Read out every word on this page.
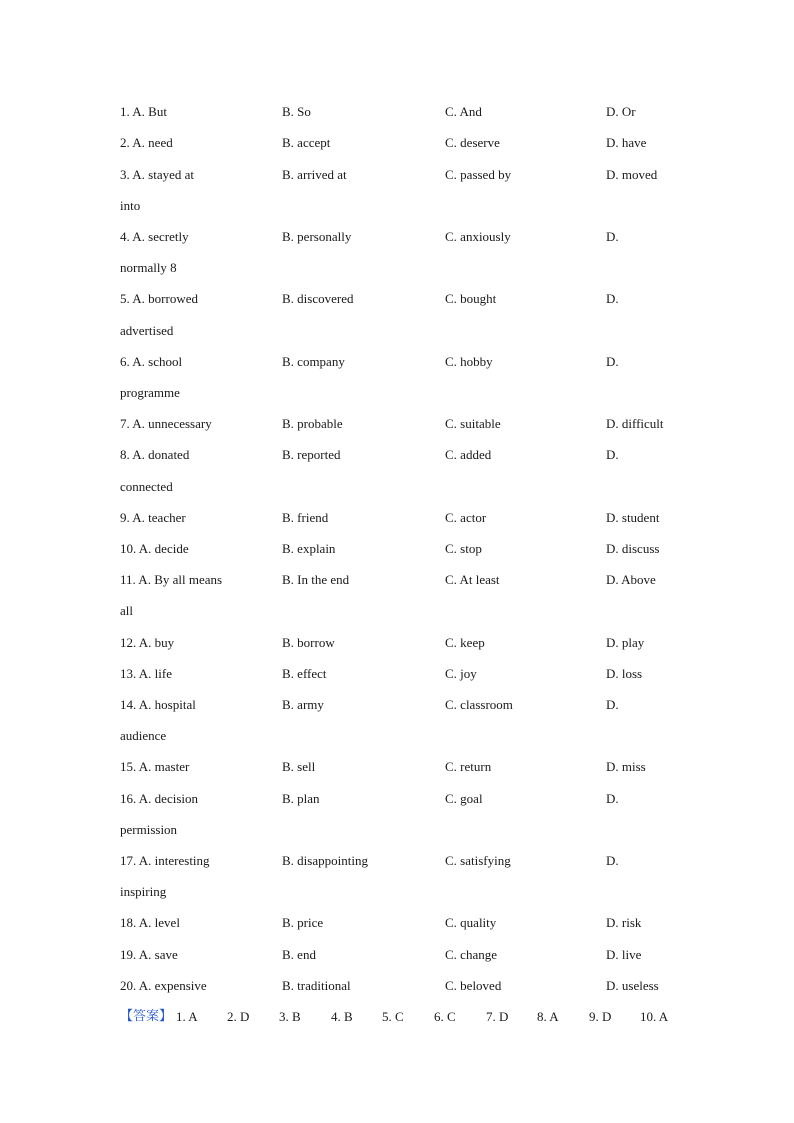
1. A. But	B. So	C. And	D. Or
2. A. need	B. accept	C. deserve	D. have
3. A. stayed at	B. arrived at	C. passed by	D. moved
into
4. A. secretly	B. personally	C. anxiously	D.
normally 8
5. A. borrowed	B. discovered	C. bought	D.
advertised
6. A. school	B. company	C. hobby	D.
programme
7. A. unnecessary	B. probable	C. suitable	D. difficult
8. A. donated	B. reported	C. added	D.
connected
9. A. teacher	B. friend	C. actor	D. student
10. A. decide	B. explain	C. stop	D. discuss
11. A. By all means	B. In the end	C. At least	D. Above
all
12. A. buy	B. borrow	C. keep	D. play
13. A. life	B. effect	C. joy	D. loss
14. A. hospital	B. army	C. classroom	D.
audience
15. A. master	B. sell	C. return	D. miss
16. A. decision	B. plan	C. goal	D.
permission
17. A. interesting	B. disappointing	C. satisfying	D.
inspiring
18. A. level	B. price	C. quality	D. risk
19. A. save	B. end	C. change	D. live
20. A. expensive	B. traditional	C. beloved	D. useless
【答案】 1. A 2. D 3. B 4. B 5. C 6. C 7. D 8. A 9. D 10. A
